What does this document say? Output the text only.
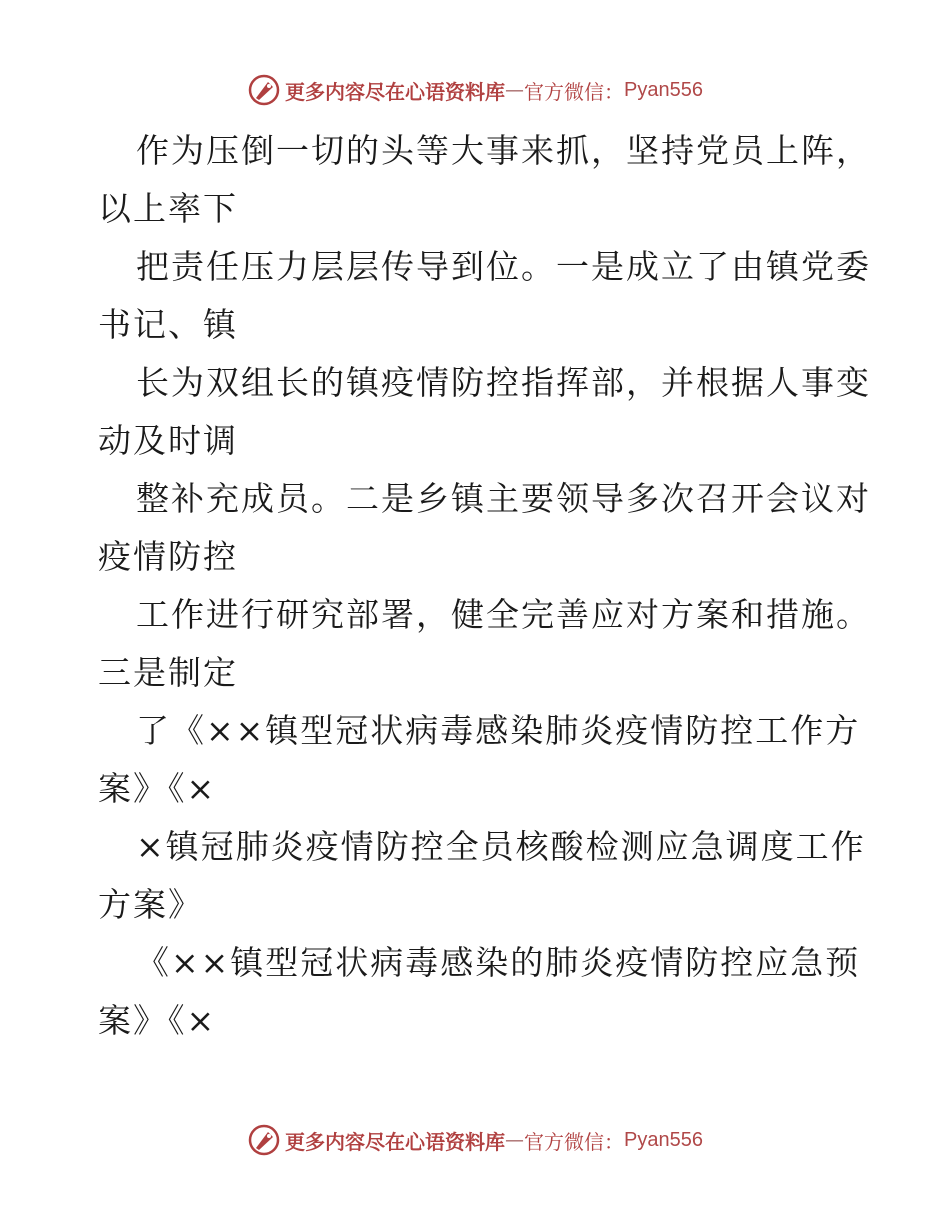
更多内容尽在心语资料库 — 官方微信： Pyan556
作为压倒一切的头等大事来抓，坚持党员上阵，
以上率下
把责任压力层层传导到位。一是成立了由镇党委
书记、镇
长为双组长的镇疫情防控指挥部，并根据人事变
动及时调
整补充成员。二是乡镇主要领导多次召开会议对
疫情防控
工作进行研究部署，健全完善应对方案和措施。
三是制定
了《××镇型冠状病毒感染肺炎疫情防控工作方
案》《×
×镇冠肺炎疫情防控全员核酸检测应急调度工作
方案》
《××镇型冠状病毒感染的肺炎疫情防控应急预
案》《×
更多内容尽在心语资料库 — 官方微信： Pyan556
